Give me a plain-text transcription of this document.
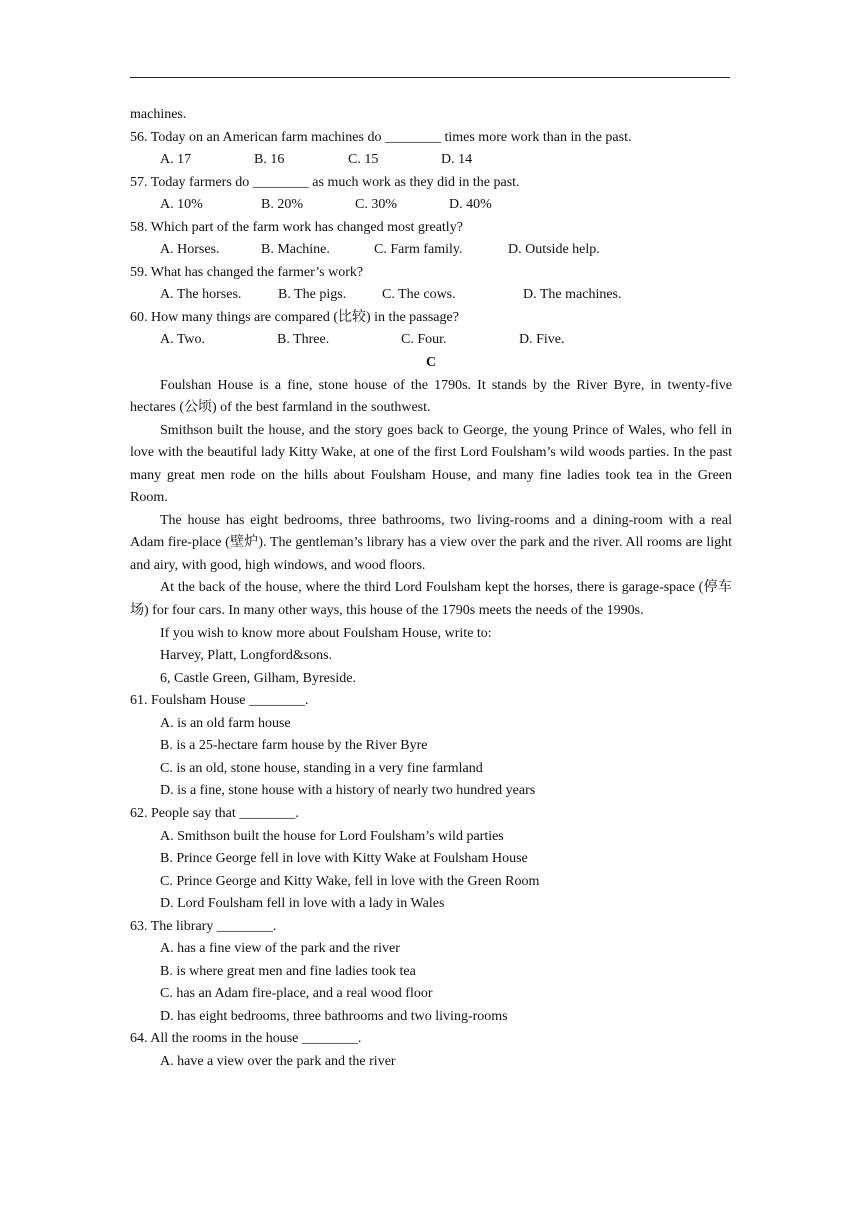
machines.
56. Today on an American farm machines do ________ times more work than in the past.
A. 17	B. 16	C. 15	D. 14
57. Today farmers do ________ as much work as they did in the past.
A. 10%	B. 20%	C. 30%	D. 40%
58. Which part of the farm work has changed most greatly?
A. Horses.	B. Machine.	C. Farm family.	D. Outside help.
59. What has changed the farmer’s work?
A. The horses.	B. The pigs.	C. The cows.	D. The machines.
60. How many things are compared (比较) in the passage?
A. Two.	B. Three.	C. Four.	D. Five.
C
Foulshan House is a fine, stone house of the 1790s. It stands by the River Byre, in twenty-five hectares (公顷) of the best farmland in the southwest.
Smithson built the house, and the story goes back to George, the young Prince of Wales, who fell in love with the beautiful lady Kitty Wake, at one of the first Lord Foulsham’s wild woods parties. In the past many great men rode on the hills about Foulsham House, and many fine ladies took tea in the Green Room.
The house has eight bedrooms, three bathrooms, two living-rooms and a dining-room with a real Adam fire-place (壁炉). The gentleman’s library has a view over the park and the river. All rooms are light and airy, with good, high windows, and wood floors.
At the back of the house, where the third Lord Foulsham kept the horses, there is garage-space (停车场) for four cars. In many other ways, this house of the 1790s meets the needs of the 1990s.
If you wish to know more about Foulsham House, write to:
Harvey, Platt, Longford&sons.
6, Castle Green, Gilham, Byreside.
61. Foulsham House ________.
A. is an old farm house
B. is a 25-hectare farm house by the River Byre
C. is an old, stone house, standing in a very fine farmland
D. is a fine, stone house with a history of nearly two hundred years
62. People say that ________.
A. Smithson built the house for Lord Foulsham’s wild parties
B. Prince George fell in love with Kitty Wake at Foulsham House
C. Prince George and Kitty Wake, fell in love with the Green Room
D. Lord Foulsham fell in love with a lady in Wales
63. The library ________.
A. has a fine view of the park and the river
B. is where great men and fine ladies took tea
C. has an Adam fire-place, and a real wood floor
D. has eight bedrooms, three bathrooms and two living-rooms
64. All the rooms in the house ________.
A. have a view over the park and the river
